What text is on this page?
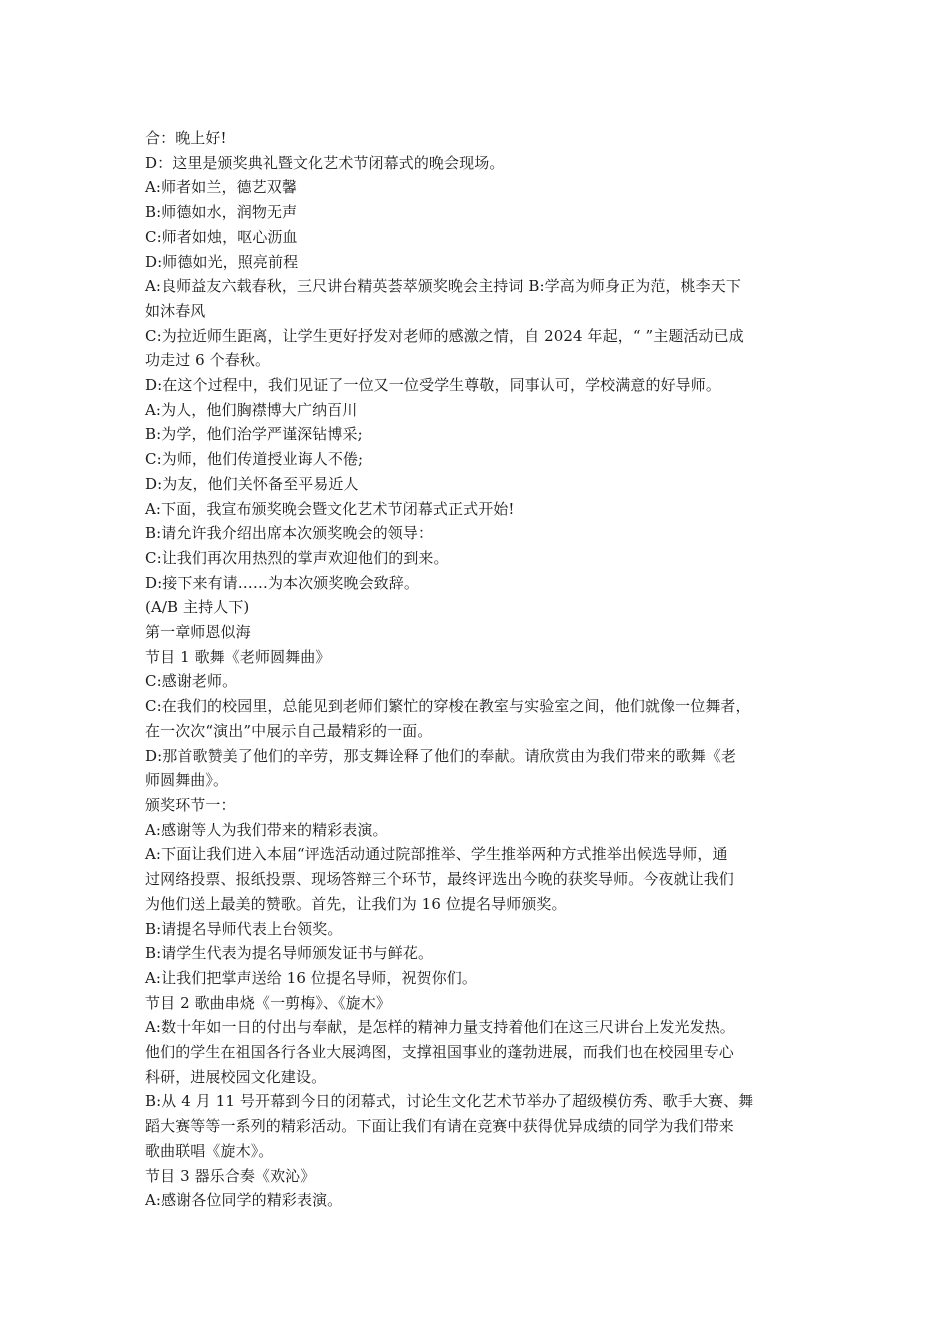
合：晚上好!
D：这里是颁奖典礼暨文化艺术节闭幕式的晚会现场。
A:师者如兰，德艺双馨
B:师德如水，润物无声
C:师者如烛，呕心沥血
D:师德如光，照亮前程
A:良师益友六载春秋，三尺讲台精英荟萃颁奖晚会主持词 B:学高为师身正为范，桃李天下
如沐春风
C:为拉近师生距离，让学生更好抒发对老师的感激之情，自 2024 年起，“ ”主题活动已成
功走过 6 个春秋。
D:在这个过程中，我们见证了一位又一位受学生尊敬，同事认可，学校满意的好导师。
A:为人，他们胸襟博大广纳百川
B:为学，他们治学严谨深钻博采;
C:为师，他们传道授业诲人不倦;
D:为友，他们关怀备至平易近人
A:下面，我宣布颁奖晚会暨文化艺术节闭幕式正式开始!
B:请允许我介绍出席本次颁奖晚会的领导：
C:让我们再次用热烈的掌声欢迎他们的到来。
D:接下来有请……为本次颁奖晚会致辞。
(A/B 主持人下)
第一章师恩似海
节目 1 歌舞《老师圆舞曲》
C:感谢老师。
C:在我们的校园里，总能见到老师们繁忙的穿梭在教室与实验室之间，他们就像一位舞者，
在一次次“演出”中展示自己最精彩的一面。
D:那首歌赞美了他们的辛劳，那支舞诠释了他们的奉献。请欣赏由为我们带来的歌舞《老
师圆舞曲》。
颁奖环节一：
A:感谢等人为我们带来的精彩表演。
A:下面让我们进入本届“评选活动通过院部推举、学生推举两种方式推举出候选导师，通
过网络投票、报纸投票、现场答辩三个环节，最终评选出今晚的获奖导师。今夜就让我们
为他们送上最美的赞歌。首先，让我们为 16 位提名导师颁奖。
B:请提名导师代表上台领奖。
B:请学生代表为提名导师颁发证书与鲜花。
A:让我们把掌声送给 16 位提名导师，祝贺你们。
节目 2 歌曲串烧《一剪梅》、《旋木》
A:数十年如一日的付出与奉献，是怎样的精神力量支持着他们在这三尺讲台上发光发热。
他们的学生在祖国各行各业大展鸿图，支撑祖国事业的蓬勃进展，而我们也在校园里专心
科研，进展校园文化建设。
B:从 4 月 11 号开幕到今日的闭幕式，讨论生文化艺术节举办了超级模仿秀、歌手大赛、舞
蹈大赛等等一系列的精彩活动。下面让我们有请在竞赛中获得优异成绩的同学为我们带来
歌曲联唱《旋木》。
节目 3 器乐合奏《欢沁》
A:感谢各位同学的精彩表演。
